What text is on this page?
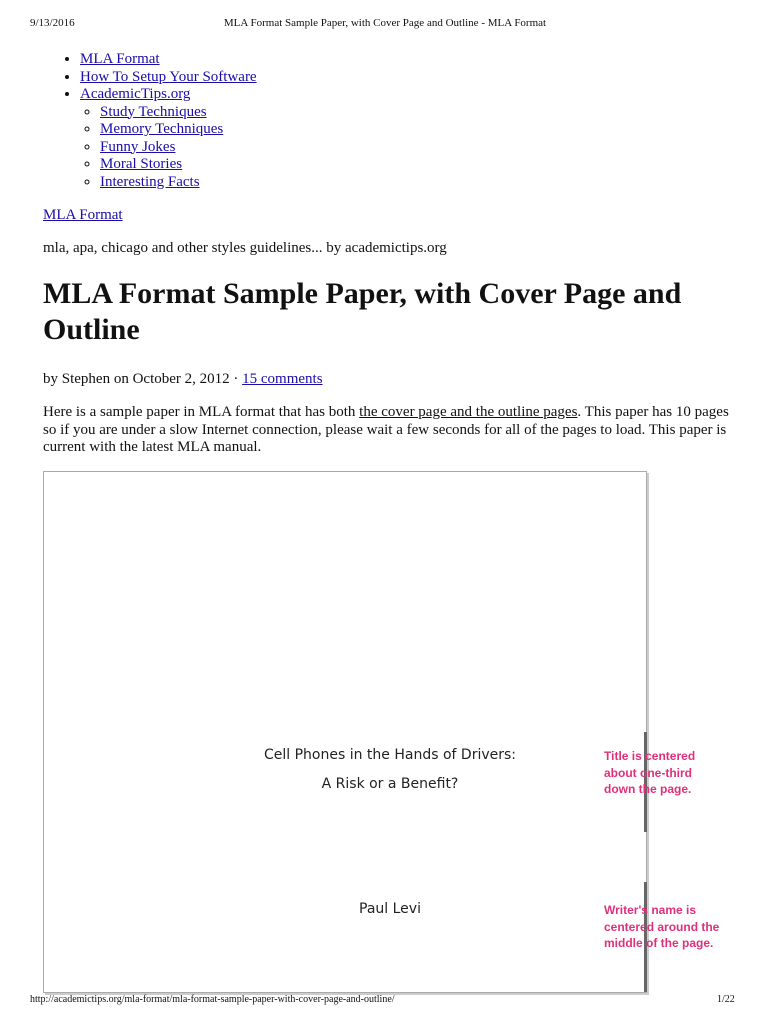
9/13/2016	MLA Format Sample Paper, with Cover Page and Outline - MLA Format
• MLA Format
• How To Setup Your Software
• AcademicTips.org
◦ Study Techniques
◦ Memory Techniques
◦ Funny Jokes
◦ Moral Stories
◦ Interesting Facts
MLA Format
mla, apa, chicago and other styles guidelines... by academictips.org
MLA Format Sample Paper, with Cover Page and Outline
by Stephen on October 2, 2012 · 15 comments

Here is a sample paper in MLA format that has both the cover page and the outline pages. This paper has 10 pages so if you are under a slow Internet connection, please wait a few seconds for all of the pages to load. This paper is current with the latest MLA manual.

Cell Phones in the Hands of Drivers:
A Risk or a Benefit?
Paul Levi
Title is centered about one-third down the page.
Writer's name is centered around the middle of the page.
http://academictips.org/mla-format/mla-format-sample-paper-with-cover-page-and-outline/	1/22
